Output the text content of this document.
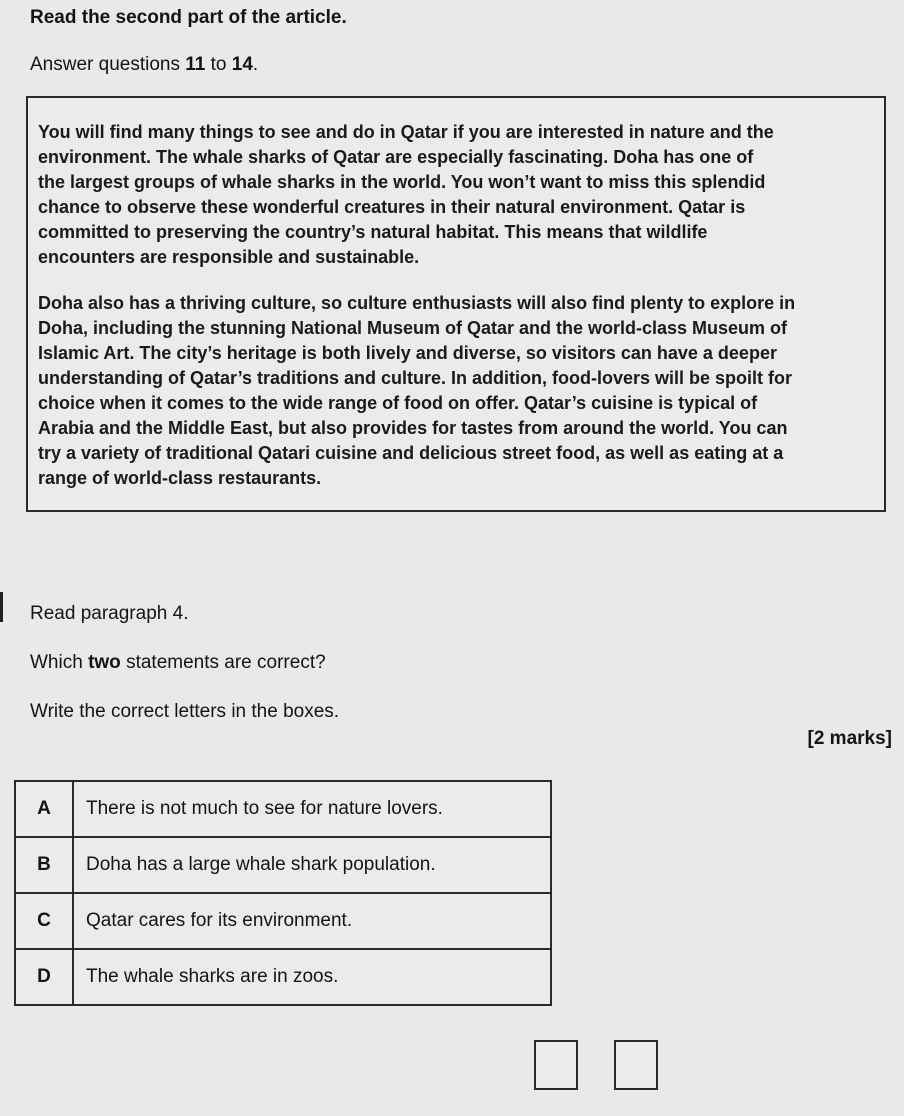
Read the second part of the article.
Answer questions 11 to 14.

You will find many things to see and do in Qatar if you are interested in nature and the
environment. The whale sharks of Qatar are especially fascinating. Doha has one of
the largest groups of whale sharks in the world. You won’t want to miss this splendid
chance to observe these wonderful creatures in their natural environment. Qatar is
committed to preserving the country’s natural habitat. This means that wildlife
encounters are responsible and sustainable.

Doha also has a thriving culture, so culture enthusiasts will also find plenty to explore in
Doha, including the stunning National Museum of Qatar and the world-class Museum of
Islamic Art. The city’s heritage is both lively and diverse, so visitors can have a deeper
understanding of Qatar’s traditions and culture. In addition, food-lovers will be spoilt for
choice when it comes to the wide range of food on offer. Qatar’s cuisine is typical of
Arabia and the Middle East, but also provides for tastes from around the world. You can
try a variety of traditional Qatari cuisine and delicious street food, as well as eating at a
range of world-class restaurants.

Read paragraph 4.
Which two statements are correct?
Write the correct letters in the boxes.
[2 marks]
A	There is not much to see for nature lovers.
B	Doha has a large whale shark population.
C	Qatar cares for its environment.
D	The whale sharks are in zoos.
